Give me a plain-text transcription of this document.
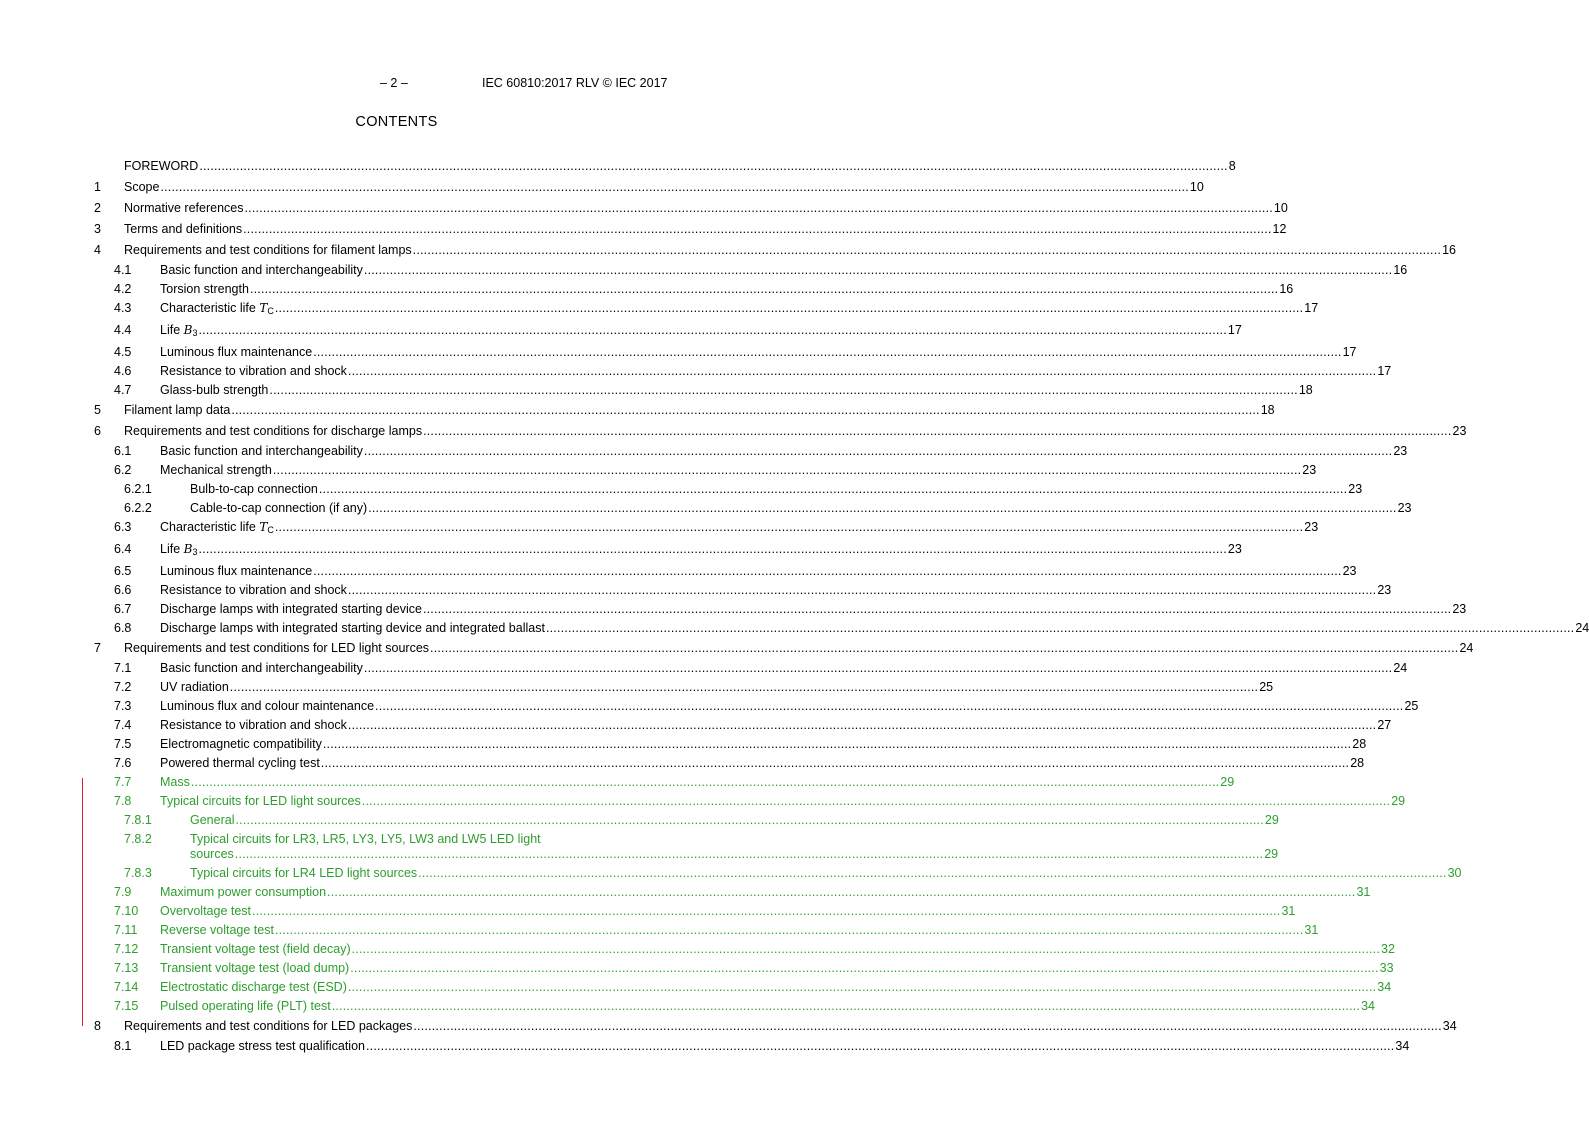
– 2 –	IEC 60810:2017 RLV © IEC 2017
CONTENTS
FOREWORD .....	8
1	Scope .....	10
2	Normative references .....	10
3	Terms and definitions .....	12
4	Requirements and test conditions for filament lamps .....	16
4.1	Basic function and interchangeability .....	16
4.2	Torsion strength .....	16
4.3	Characteristic life $T_C$ .....	17
4.4	Life $B_3$ .....	17
4.5	Luminous flux maintenance .....	17
4.6	Resistance to vibration and shock .....	17
4.7	Glass-bulb strength .....	18
5	Filament lamp data .....	18
6	Requirements and test conditions for discharge lamps .....	23
6.1	Basic function and interchangeability .....	23
6.2	Mechanical strength .....	23
6.2.1	Bulb-to-cap connection .....	23
6.2.2	Cable-to-cap connection (if any) .....	23
6.3	Characteristic life $T_C$ .....	23
6.4	Life $B_3$ .....	23
6.5	Luminous flux maintenance .....	23
6.6	Resistance to vibration and shock .....	23
6.7	Discharge lamps with integrated starting device .....	23
6.8	Discharge lamps with integrated starting device and integrated ballast .....	24
7	Requirements and test conditions for LED light sources .....	24
7.1	Basic function and interchangeability .....	24
7.2	UV radiation .....	25
7.3	Luminous flux and colour maintenance .....	25
7.4	Resistance to vibration and shock .....	27
7.5	Electromagnetic compatibility .....	28
7.6	Powered thermal cycling test .....	28
7.7	Mass .....	29
7.8	Typical circuits for LED light sources .....	29
7.8.1	General .....	29
7.8.2	Typical circuits for LR3, LR5, LY3, LY5, LW3 and LW5 LED light
sources .....	29
7.8.3	Typical circuits for LR4 LED light sources .....	30
7.9	Maximum power consumption .....	31
7.10	Overvoltage test .....	31
7.11	Reverse voltage test .....	31
7.12	Transient voltage test (field decay) .....	32
7.13	Transient voltage test (load dump) .....	33
7.14	Electrostatic discharge test (ESD) .....	34
7.15	Pulsed operating life (PLT) test .....	34
8	Requirements and test conditions for LED packages .....	34
8.1	LED package stress test qualification .....	34
